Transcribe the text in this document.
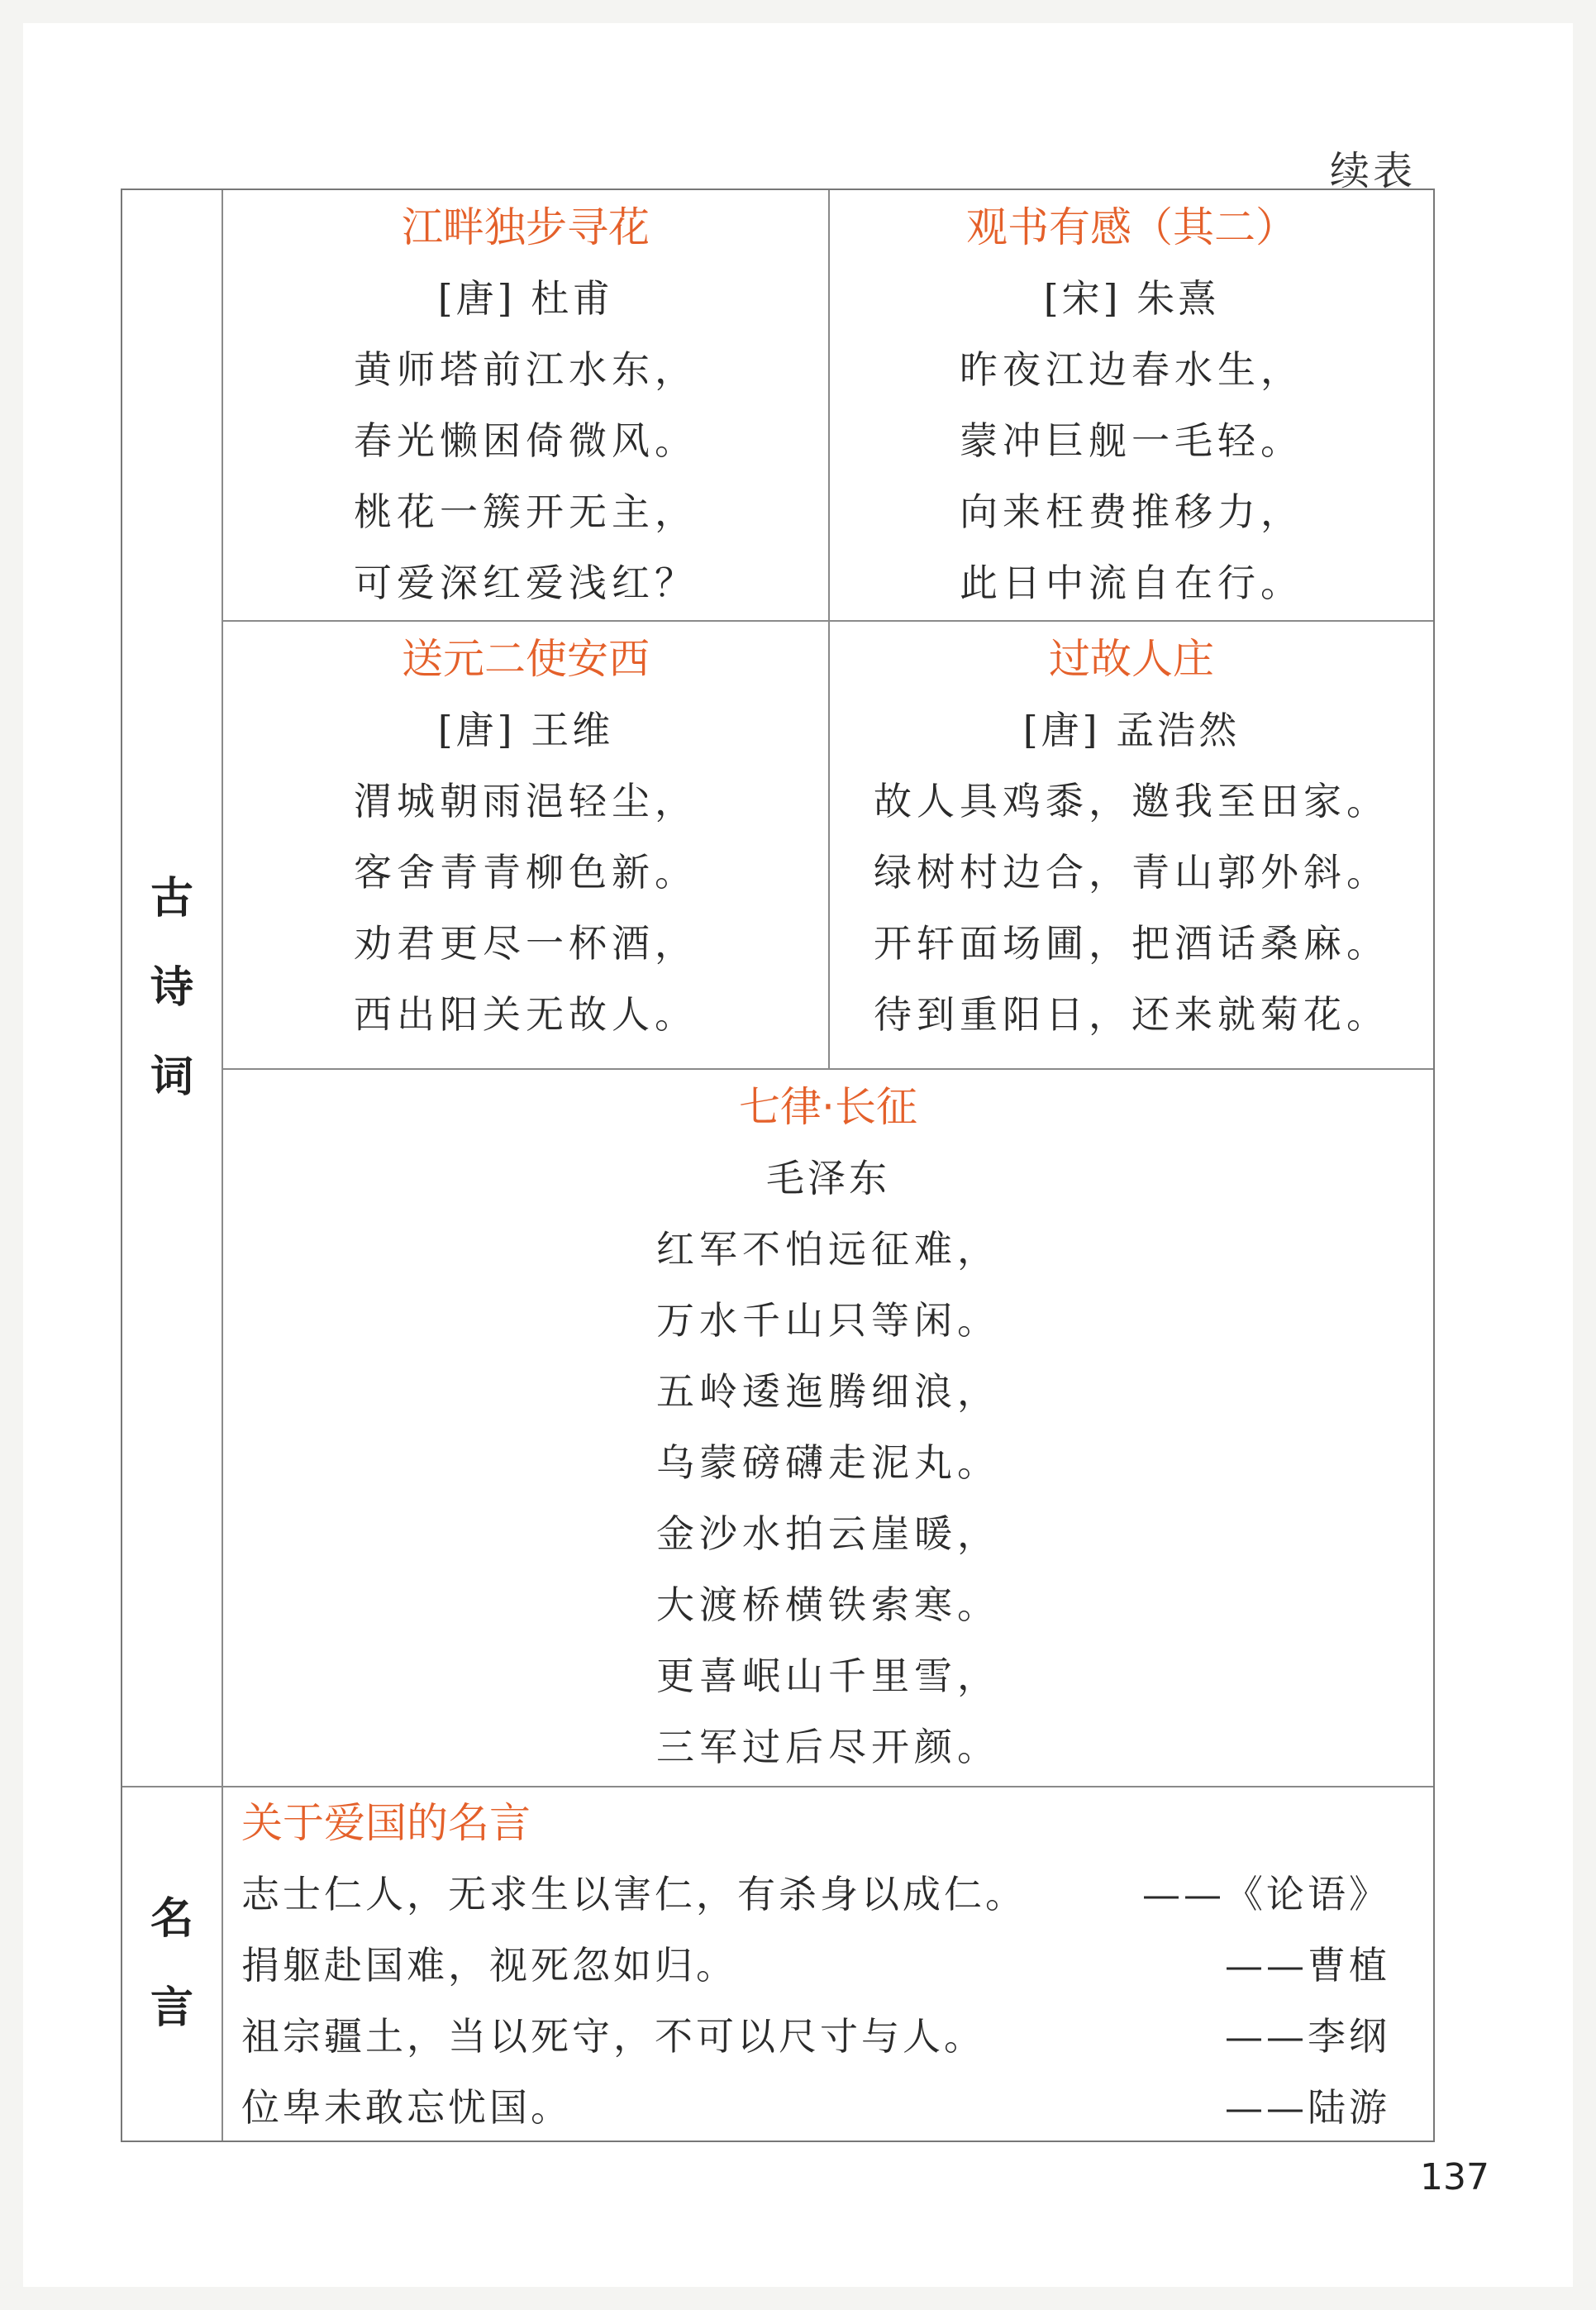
续表
古
诗
词
名
言
江畔独步寻花
[唐] 杜甫
黄师塔前江水东，
春光懒困倚微风。
桃花一簇开无主，
可爱深红爱浅红？
观书有感（其二）
[宋] 朱熹
昨夜江边春水生，
蒙冲巨舰一毛轻。
向来枉费推移力，
此日中流自在行。
送元二使安西
[唐] 王维
渭城朝雨浥轻尘，
客舍青青柳色新。
劝君更尽一杯酒，
西出阳关无故人。
过故人庄
[唐] 孟浩然
故人具鸡黍，邀我至田家。
绿树村边合，青山郭外斜。
开轩面场圃，把酒话桑麻。
待到重阳日，还来就菊花。
七律·长征
毛泽东
红军不怕远征难，
万水千山只等闲。
五岭逶迤腾细浪，
乌蒙磅礴走泥丸。
金沙水拍云崖暖，
大渡桥横铁索寒。
更喜岷山千里雪，
三军过后尽开颜。
关于爱国的名言
志士仁人，无求生以害仁，有杀身以成仁。	——《论语》
捐躯赴国难，视死忽如归。	——曹植
祖宗疆土，当以死守，不可以尺寸与人。	——李纲
位卑未敢忘忧国。	——陆游
137
